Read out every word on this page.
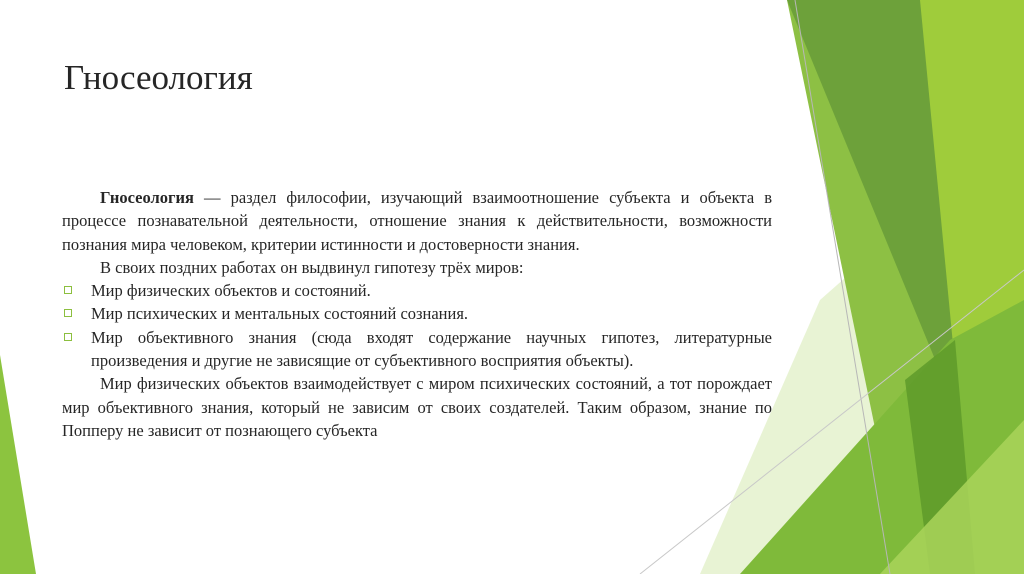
Гносеология

Гносеология — раздел философии, изучающий взаимоотношение субъекта и объекта в процессе познавательной деятельности, отношение знания к действительности, возможности познания мира человеком, критерии истинности и достоверности знания.

В своих поздних работах он выдвинул гипотезу трёх миров:

Мир физических объектов и состояний.
Мир психических и ментальных состояний сознания.
Мир объективного знания (сюда входят содержание научных гипотез, литературные произведения и другие не зависящие от субъективного восприятия объекты).

Мир физических объектов взаимодействует с миром психических состояний, а тот порождает мир объективного знания, который не зависим от своих создателей. Таким образом, знание по Попперу не зависит от познающего субъекта
